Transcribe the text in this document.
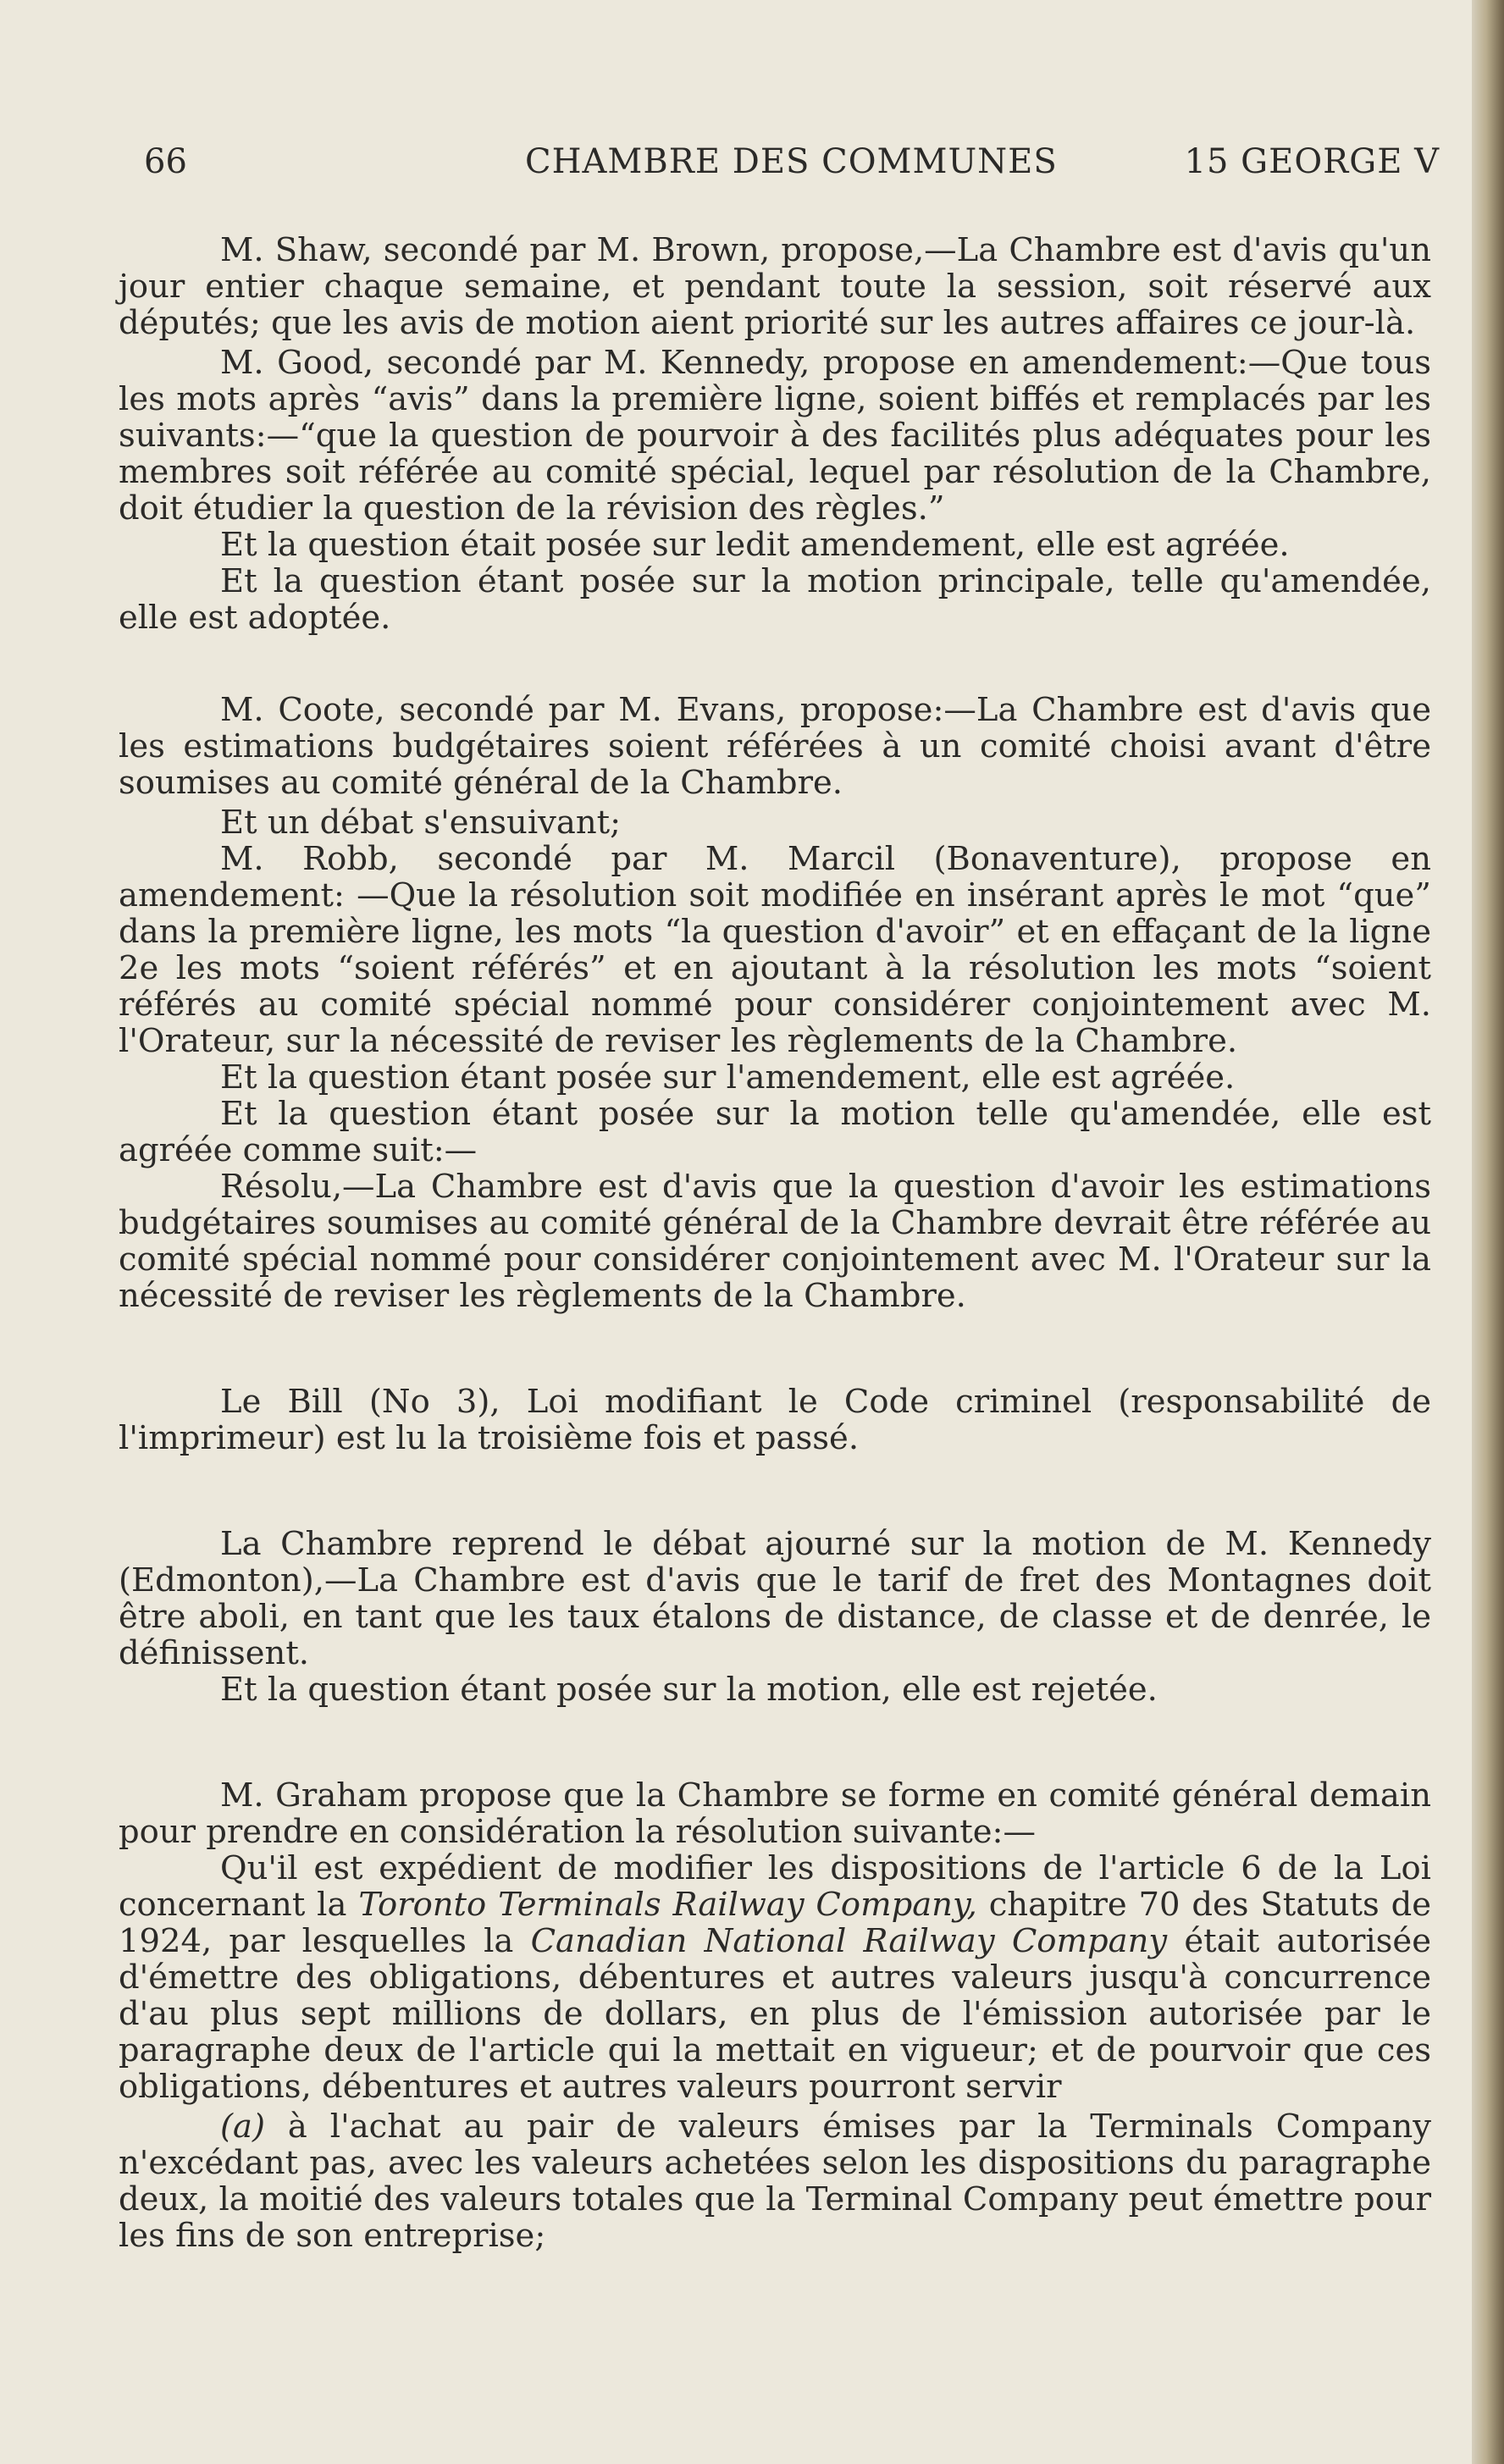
66	CHAMBRE DES COMMUNES	15 GEORGE V

M. Shaw, secondé par M. Brown, propose,—La Chambre est d'avis qu'un jour entier chaque semaine, et pendant toute la session, soit réservé aux députés; que les avis de motion aient priorité sur les autres affaires ce jour-là.

M. Good, secondé par M. Kennedy, propose en amendement:—Que tous les mots après “avis” dans la première ligne, soient biffés et remplacés par les suivants:—“que la question de pourvoir à des facilités plus adéquates pour les membres soit référée au comité spécial, lequel par résolution de la Chambre, doit étudier la question de la révision des règles.”

Et la question était posée sur ledit amendement, elle est agréée.

Et la question étant posée sur la motion principale, telle qu'amendée, elle est adoptée.

M. Coote, secondé par M. Evans, propose:—La Chambre est d'avis que les estimations budgétaires soient référées à un comité choisi avant d'être soumises au comité général de la Chambre.

Et un débat s'ensuivant;

M. Robb, secondé par M. Marcil (Bonaventure), propose en amendement: —Que la résolution soit modifiée en insérant après le mot “que” dans la première ligne, les mots “la question d'avoir” et en effaçant de la ligne 2e les mots “soient référés” et en ajoutant à la résolution les mots “soient référés au comité spécial nommé pour considérer conjointement avec M. l'Orateur, sur la nécessité de reviser les règlements de la Chambre.

Et la question étant posée sur l'amendement, elle est agréée.

Et la question étant posée sur la motion telle qu'amendée, elle est agréée comme suit:—

Résolu,—La Chambre est d'avis que la question d'avoir les estimations budgétaires soumises au comité général de la Chambre devrait être référée au comité spécial nommé pour considérer conjointement avec M. l'Orateur sur la nécessité de reviser les règlements de la Chambre.

Le Bill (No 3), Loi modifiant le Code criminel (responsabilité de l'imprimeur) est lu la troisième fois et passé.

La Chambre reprend le débat ajourné sur la motion de M. Kennedy (Edmonton),—La Chambre est d'avis que le tarif de fret des Montagnes doit être aboli, en tant que les taux étalons de distance, de classe et de denrée, le définissent.

Et la question étant posée sur la motion, elle est rejetée.

M. Graham propose que la Chambre se forme en comité général demain pour prendre en considération la résolution suivante:—

Qu'il est expédient de modifier les dispositions de l'article 6 de la Loi concernant la Toronto Terminals Railway Company, chapitre 70 des Statuts de 1924, par lesquelles la Canadian National Railway Company était autorisée d'émettre des obligations, débentures et autres valeurs jusqu'à concurrence d'au plus sept millions de dollars, en plus de l'émission autorisée par le paragraphe deux de l'article qui la mettait en vigueur; et de pourvoir que ces obligations, débentures et autres valeurs pourront servir

(a) à l'achat au pair de valeurs émises par la Terminals Company n'excédant pas, avec les valeurs achetées selon les dispositions du paragraphe deux, la moitié des valeurs totales que la Terminal Company peut émettre pour les fins de son entreprise;
